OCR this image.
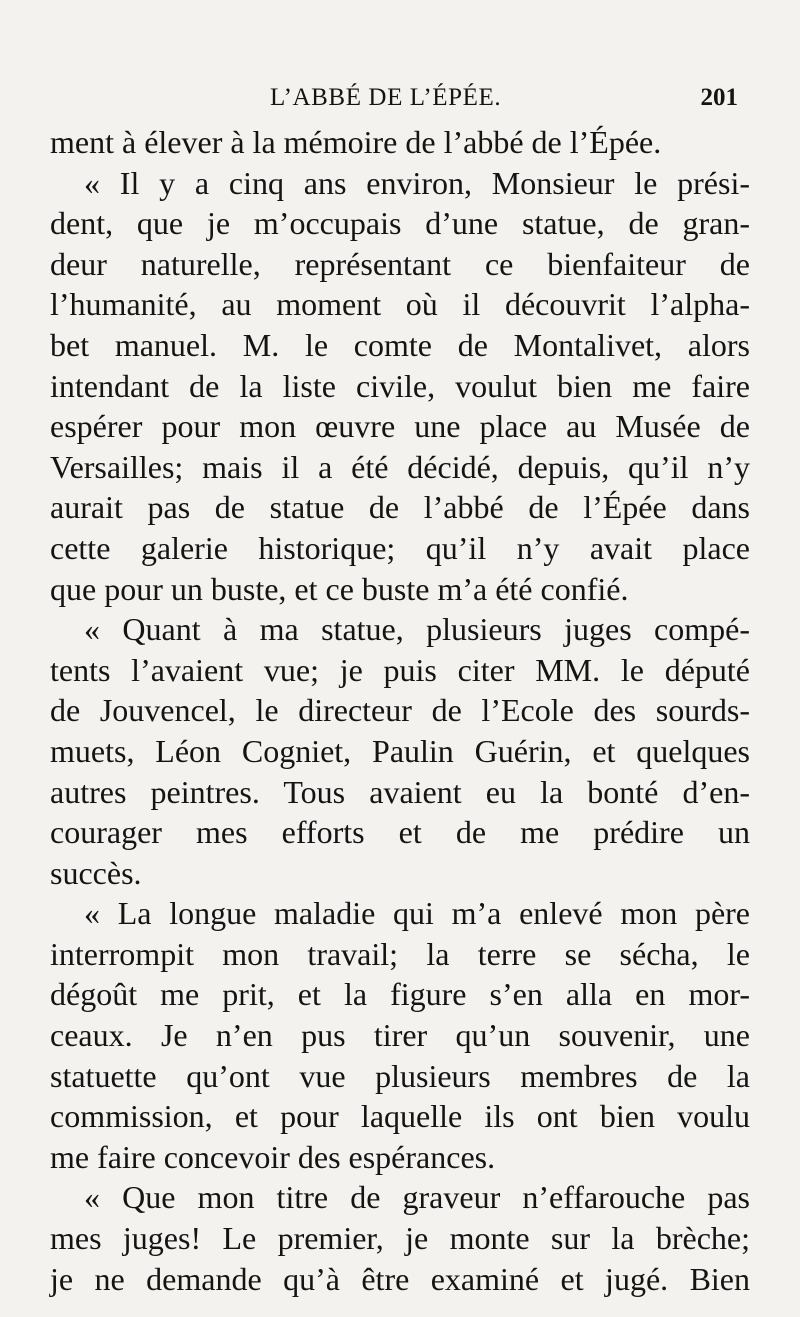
L’ABBÉ DE L’ÉPÉE.	201
ment à élever à la mémoire de l’abbé de l’Épée.
« Il y a cinq ans environ, Monsieur le prési-
dent, que je m’occupais d’une statue, de gran-
deur naturelle, représentant ce bienfaiteur de
l’humanité, au moment où il découvrit l’alpha-
bet manuel. M. le comte de Montalivet, alors
intendant de la liste civile, voulut bien me faire
espérer pour mon œuvre une place au Musée de
Versailles; mais il a été décidé, depuis, qu’il n’y
aurait pas de statue de l’abbé de l’Épée dans
cette galerie historique; qu’il n’y avait place
que pour un buste, et ce buste m’a été confié.
« Quant à ma statue, plusieurs juges compé-
tents l’avaient vue; je puis citer MM. le député
de Jouvencel, le directeur de l’Ecole des sourds-
muets, Léon Cogniet, Paulin Guérin, et quelques
autres peintres. Tous avaient eu la bonté d’en-
courager mes efforts et de me prédire un
succès.
« La longue maladie qui m’a enlevé mon père
interrompit mon travail; la terre se sécha, le
dégoût me prit, et la figure s’en alla en mor-
ceaux. Je n’en pus tirer qu’un souvenir, une
statuette qu’ont vue plusieurs membres de la
commission, et pour laquelle ils ont bien voulu
me faire concevoir des espérances.
« Que mon titre de graveur n’effarouche pas
mes juges! Le premier, je monte sur la brèche;
je ne demande qu’à être examiné et jugé. Bien
